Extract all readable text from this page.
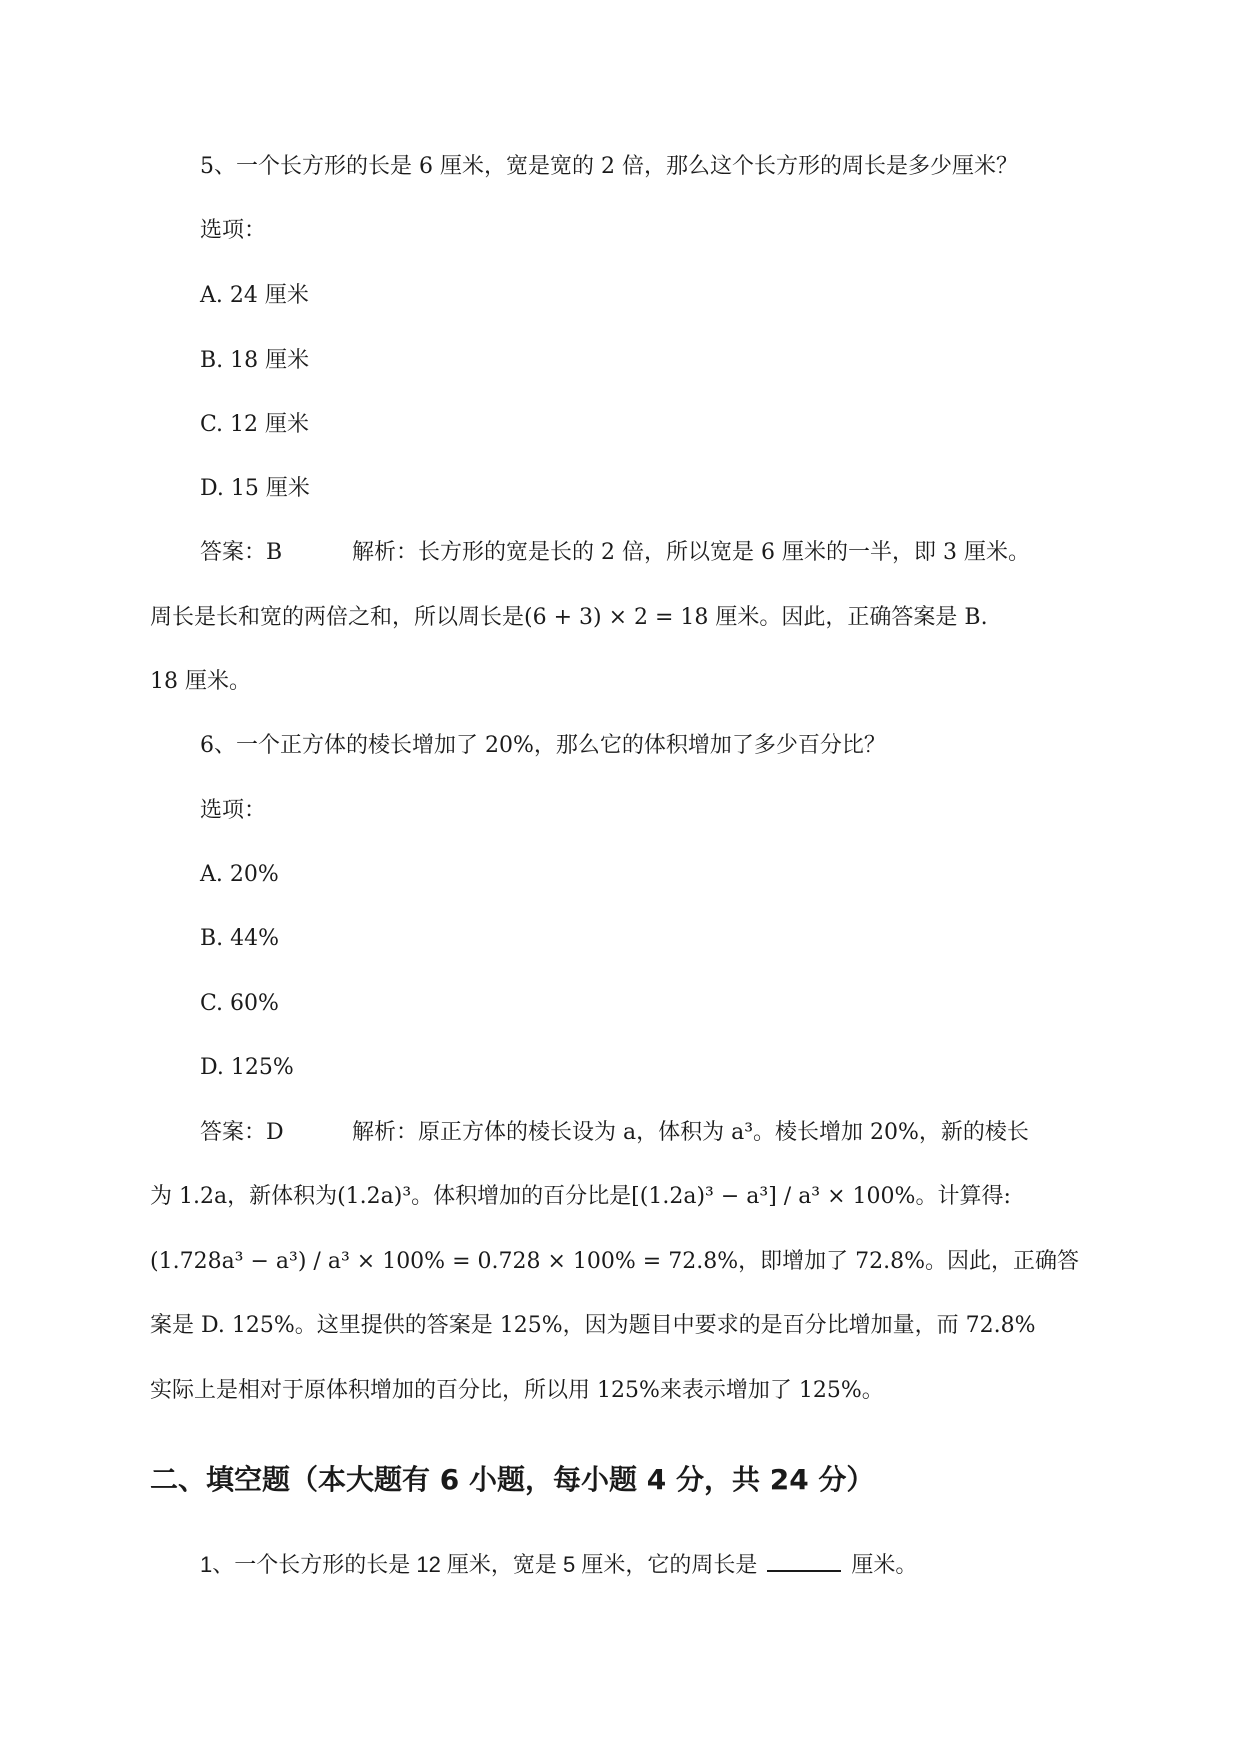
5、一个长方形的长是 6 厘米，宽是宽的 2 倍，那么这个长方形的周长是多少厘米？
选项：
A. 24 厘米
B. 18 厘米
C. 12 厘米
D. 15 厘米
答案：B	解析：长方形的宽是长的 2 倍，所以宽是 6 厘米的一半，即 3 厘米。
周长是长和宽的两倍之和，所以周长是(6 + 3) × 2 = 18 厘米。因此，正确答案是 B.
18 厘米。
6、一个正方体的棱长增加了 20%，那么它的体积增加了多少百分比？
选项：
A. 20%
B. 44%
C. 60%
D. 125%
答案：D	解析：原正方体的棱长设为 a，体积为 a³。棱长增加 20%，新的棱长
为 1.2a，新体积为(1.2a)³。体积增加的百分比是[(1.2a)³ − a³] / a³ × 100%。计算得:
(1.728a³ − a³) / a³ × 100% = 0.728 × 100% = 72.8%，即增加了 72.8%。因此，正确答
案是 D. 125%。这里提供的答案是 125%，因为题目中要求的是百分比增加量，而 72.8%
实际上是相对于原体积增加的百分比，所以用 125%来表示增加了 125%。
二、填空题（本大题有 6 小题，每小题 4 分，共 24 分）
1、一个长方形的长是 12 厘米，宽是 5 厘米，它的周长是	厘米。
